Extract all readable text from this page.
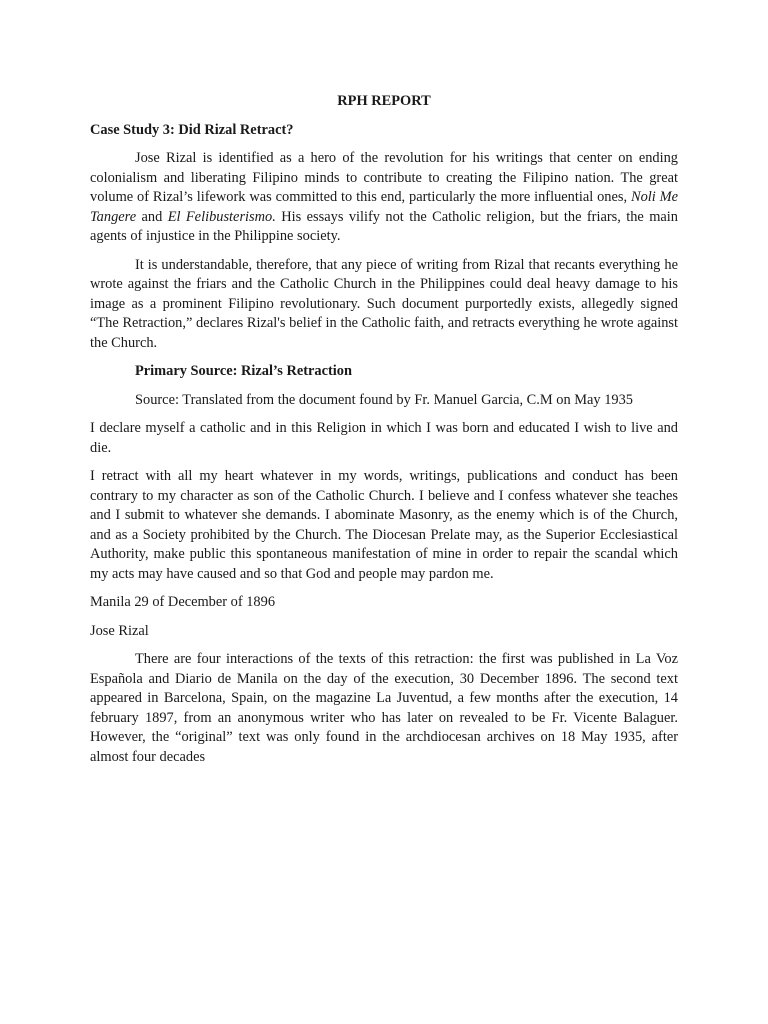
RPH REPORT
Case Study 3: Did Rizal Retract?

Jose Rizal is identified as a hero of the revolution for his writings that center on ending colonialism and liberating Filipino minds to contribute to creating the Filipino nation. The great volume of Rizal’s lifework was committed to this end, particularly the more influential ones, Noli Me Tangere and El Felibusterismo. His essays vilify not the Catholic religion, but the friars, the main agents of injustice in the Philippine society.

It is understandable, therefore, that any piece of writing from Rizal that recants everything he wrote against the friars and the Catholic Church in the Philippines could deal heavy damage to his image as a prominent Filipino revolutionary. Such document purportedly exists, allegedly signed “The Retraction,” declares Rizal's belief in the Catholic faith, and retracts everything he wrote against the Church.

Primary Source: Rizal’s Retraction

Source: Translated from the document found by Fr. Manuel Garcia, C.M on May 1935

I declare myself a catholic and in this Religion in which I was born and educated I wish to live and die.

I retract with all my heart whatever in my words, writings, publications and conduct has been contrary to my character as son of the Catholic Church. I believe and I confess whatever she teaches and I submit to whatever she demands. I abominate Masonry, as the enemy which is of the Church, and as a Society prohibited by the Church. The Diocesan Prelate may, as the Superior Ecclesiastical Authority, make public this spontaneous manifestation of mine in order to repair the scandal which my acts may have caused and so that God and people may pardon me.

Manila 29 of December of 1896

Jose Rizal

There are four interactions of the texts of this retraction: the first was published in La Voz Española and Diario de Manila on the day of the execution, 30 December 1896. The second text appeared in Barcelona, Spain, on the magazine La Juventud, a few months after the execution, 14 february 1897, from an anonymous writer who has later on revealed to be Fr. Vicente Balaguer. However, the “original” text was only found in the archdiocesan archives on 18 May 1935, after almost four decades
